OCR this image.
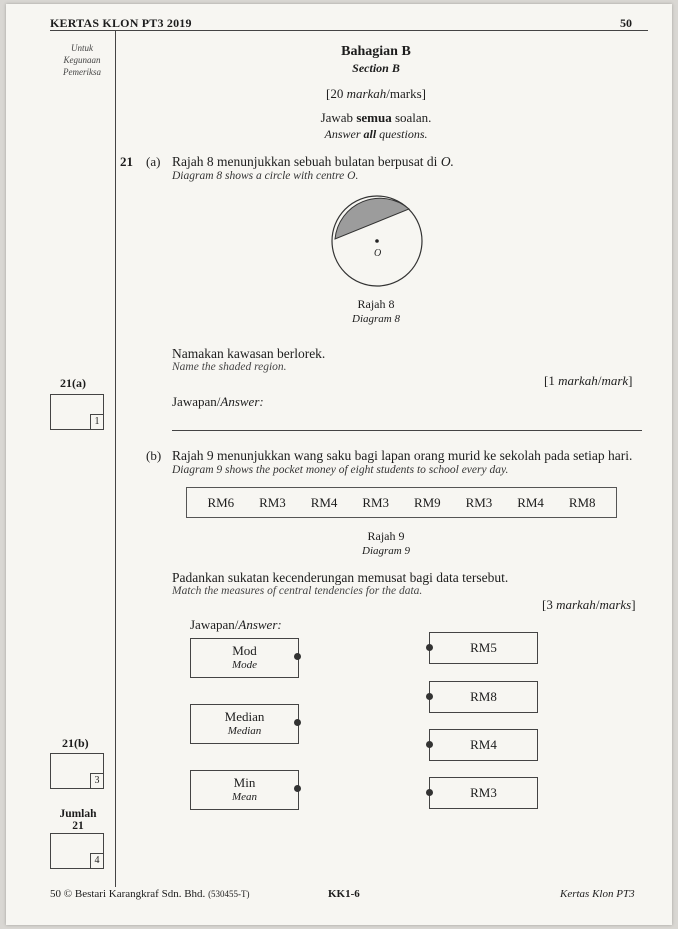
KERTAS KLON PT3 2019	50
Untuk
Kegunaan
Pemeriksa
Bahagian B
Section B
[20 markah/marks]
Jawab semua soalan.
Answer all questions.
21 (a) Rajah 8 menunjukkan sebuah bulatan berpusat di O.
Diagram 8 shows a circle with centre O.
O
Rajah 8
Diagram 8
Namakan kawasan berlorek.
Name the shaded region.
[1 markah/mark]
Jawapan/Answer:
21(a)
1
(b) Rajah 9 menunjukkan wang saku bagi lapan orang murid ke sekolah pada setiap hari.
Diagram 9 shows the pocket money of eight students to school every day.
RM6 RM3 RM4 RM3 RM9 RM3 RM4 RM8
Rajah 9
Diagram 9
Padankan sukatan kecenderungan memusat bagi data tersebut.
Match the measures of central tendencies for the data.
[3 markah/marks]
Jawapan/Answer:
Mod
Mode
Median
Median
Min
Mean
RM5
RM8
RM4
RM3
21(b)
3
Jumlah
21
4
50 © Bestari Karangkraf Sdn. Bhd. (530455-T)	KK1-6	Kertas Klon PT3
